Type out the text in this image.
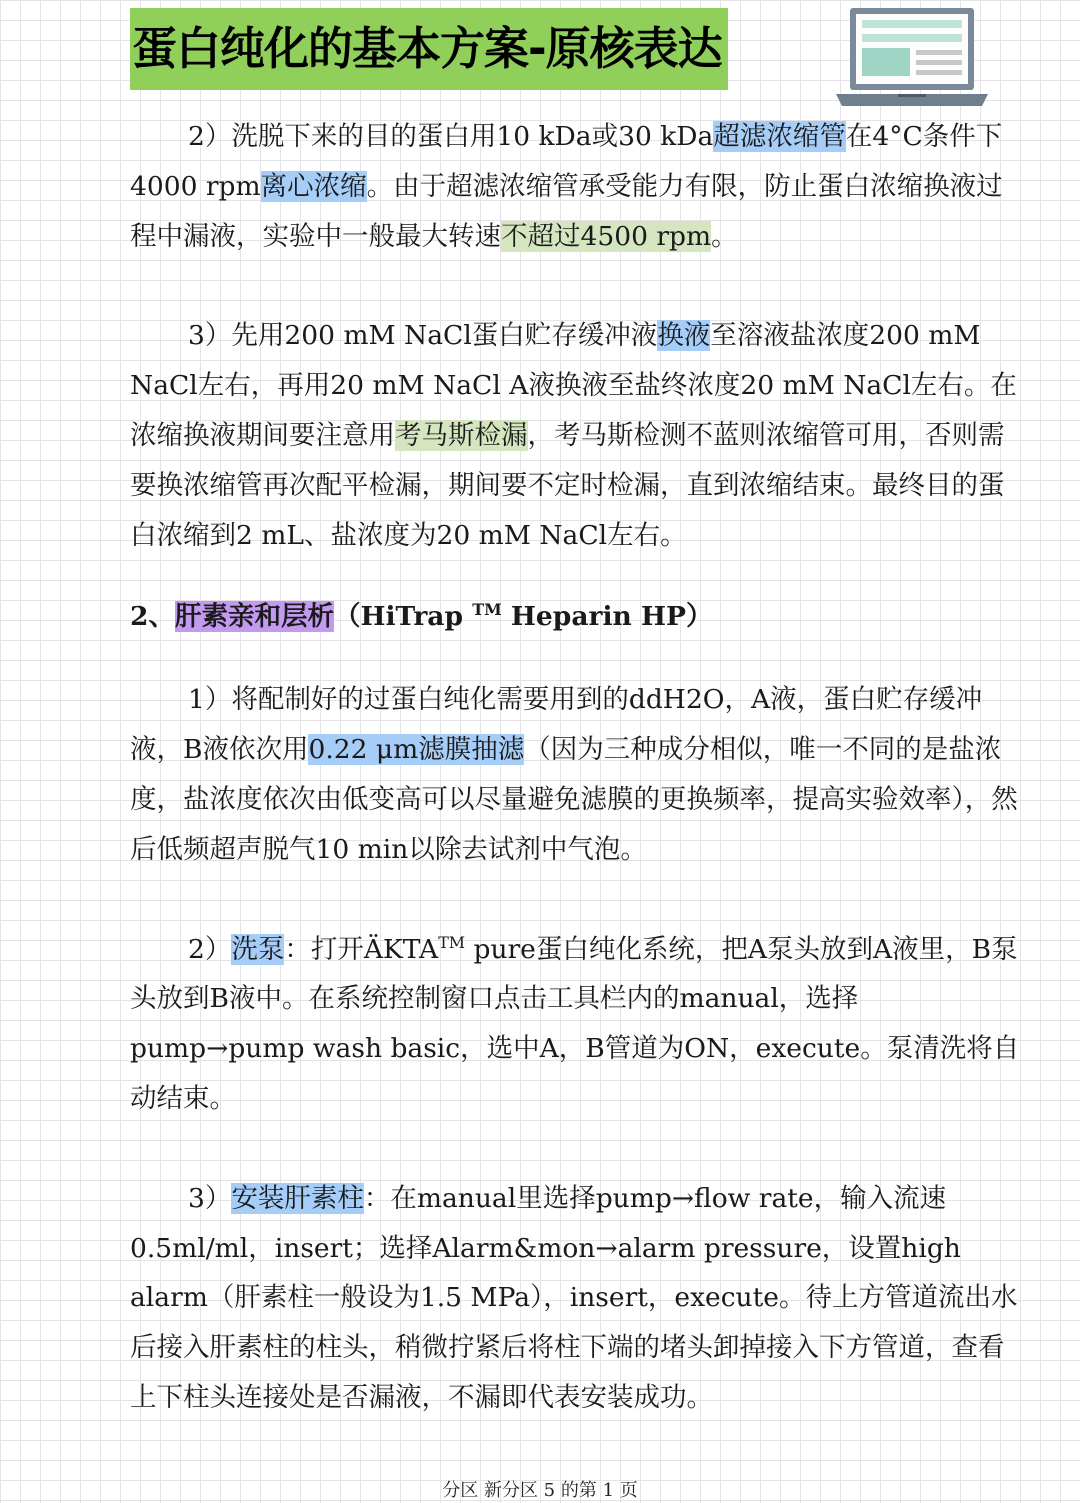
蛋白纯化的基本方案-原核表达

2）洗脱下来的目的蛋白用10 kDa或30 kDa超滤浓缩管在4°C条件下4000 rpm离心浓缩。由于超滤浓缩管承受能力有限，防止蛋白浓缩换液过程中漏液，实验中一般最大转速不超过4500 rpm。

3）先用200 mM NaCl蛋白贮存缓冲液换液至溶液盐浓度200 mM NaCl左右，再用20 mM NaCl A液换液至盐终浓度20 mM NaCl左右。在浓缩换液期间要注意用考马斯检漏，考马斯检测不蓝则浓缩管可用，否则需要换浓缩管再次配平检漏，期间要不定时检漏，直到浓缩结束。最终目的蛋白浓缩到2 mL、盐浓度为20 mM NaCl左右。

2、肝素亲和层析（HiTrap ™ Heparin HP）

1）将配制好的过蛋白纯化需要用到的ddH2O，A液，蛋白贮存缓冲液，B液依次用0.22 μm滤膜抽滤（因为三种成分相似，唯一不同的是盐浓度，盐浓度依次由低变高可以尽量避免滤膜的更换频率，提高实验效率），然后低频超声脱气10 min以除去试剂中气泡。

2）洗泵：打开ÄKTA™ pure蛋白纯化系统，把A泵头放到A液里，B泵头放到B液中。在系统控制窗口点击工具栏内的manual，选择pump→pump wash basic，选中A，B管道为ON，execute。泵清洗将自动结束。

3）安装肝素柱：在manual里选择pump→flow rate，输入流速0.5ml/ml，insert；选择Alarm&mon→alarm pressure，设置high alarm（肝素柱一般设为1.5 MPa），insert，execute。待上方管道流出水后接入肝素柱的柱头，稍微拧紧后将柱下端的堵头卸掉接入下方管道，查看上下柱头连接处是否漏液，不漏即代表安装成功。

分区 新分区 5 的第 1 页
